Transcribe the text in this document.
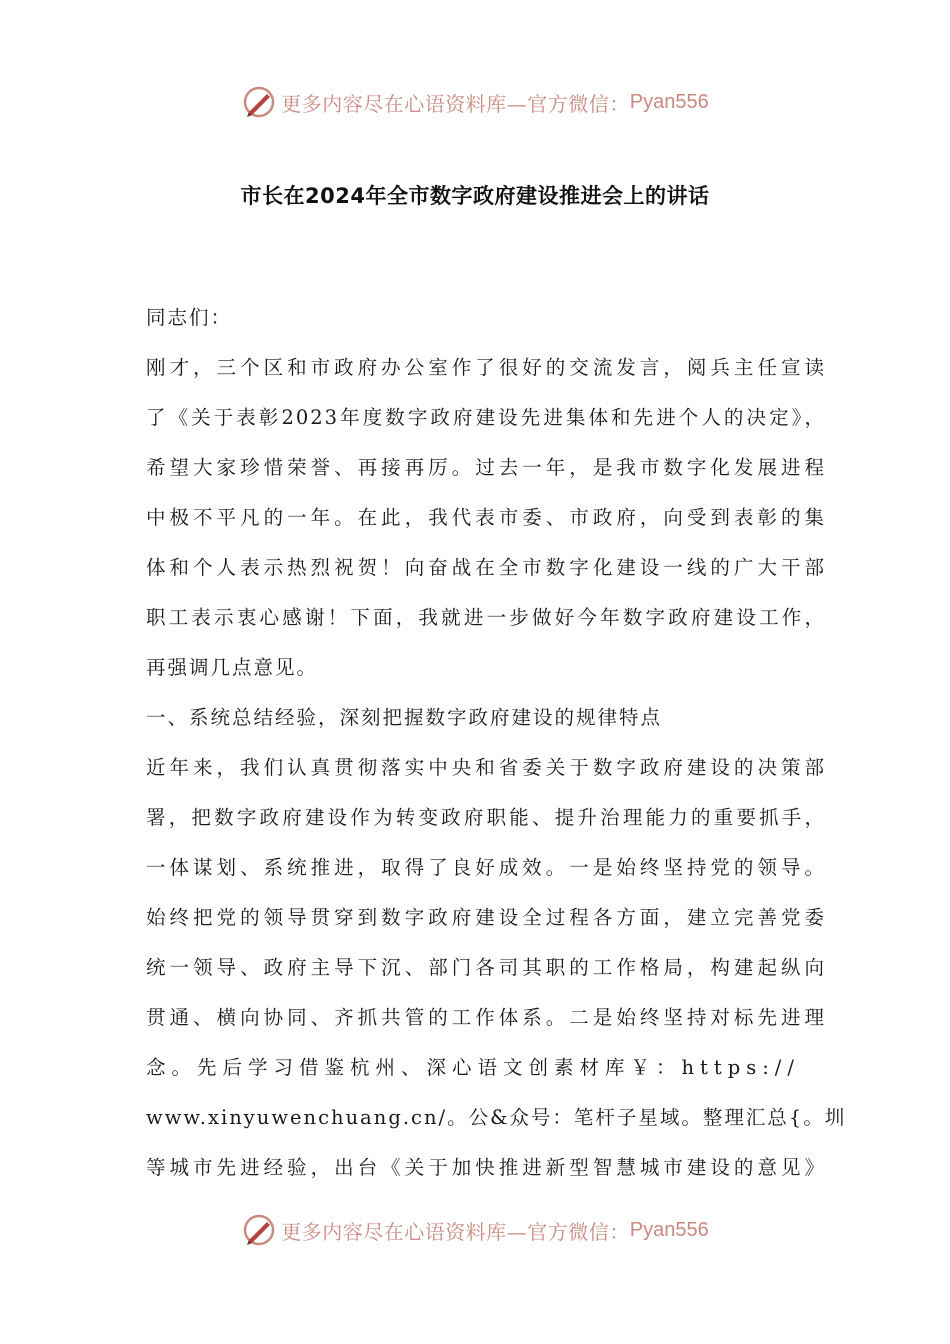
更多内容尽在心语资料库—官方微信： Pyan556
市长在2024年全市数字政府建设推进会上的讲话
同志们：
刚才，三个区和市政府办公室作了很好的交流发言，阅兵主任宣读
了《关于表彰2023年度数字政府建设先进集体和先进个人的决定》，
希望大家珍惜荣誉、再接再厉。过去一年，是我市数字化发展进程
中极不平凡的一年。在此，我代表市委、市政府，向受到表彰的集
体和个人表示热烈祝贺！向奋战在全市数字化建设一线的广大干部
职工表示衷心感谢！下面，我就进一步做好今年数字政府建设工作，
再强调几点意见。
一、系统总结经验，深刻把握数字政府建设的规律特点
近年来，我们认真贯彻落实中央和省委关于数字政府建设的决策部
署，把数字政府建设作为转变政府职能、提升治理能力的重要抓手，
一体谋划、系统推进，取得了良好成效。一是始终坚持党的领导。
始终把党的领导贯穿到数字政府建设全过程各方面，建立完善党委
统一领导、政府主导下沉、部门各司其职的工作格局，构建起纵向
贯通、横向协同、齐抓共管的工作体系。二是始终坚持对标先进理
念。先后学习借鉴杭州、深心语文创素材库￥：https://
www.xinyuwenchuang.cn/。公&众号：笔杆子星域。整理汇总{。圳
等城市先进经验，出台《关于加快推进新型智慧城市建设的意见》
更多内容尽在心语资料库—官方微信： Pyan556
